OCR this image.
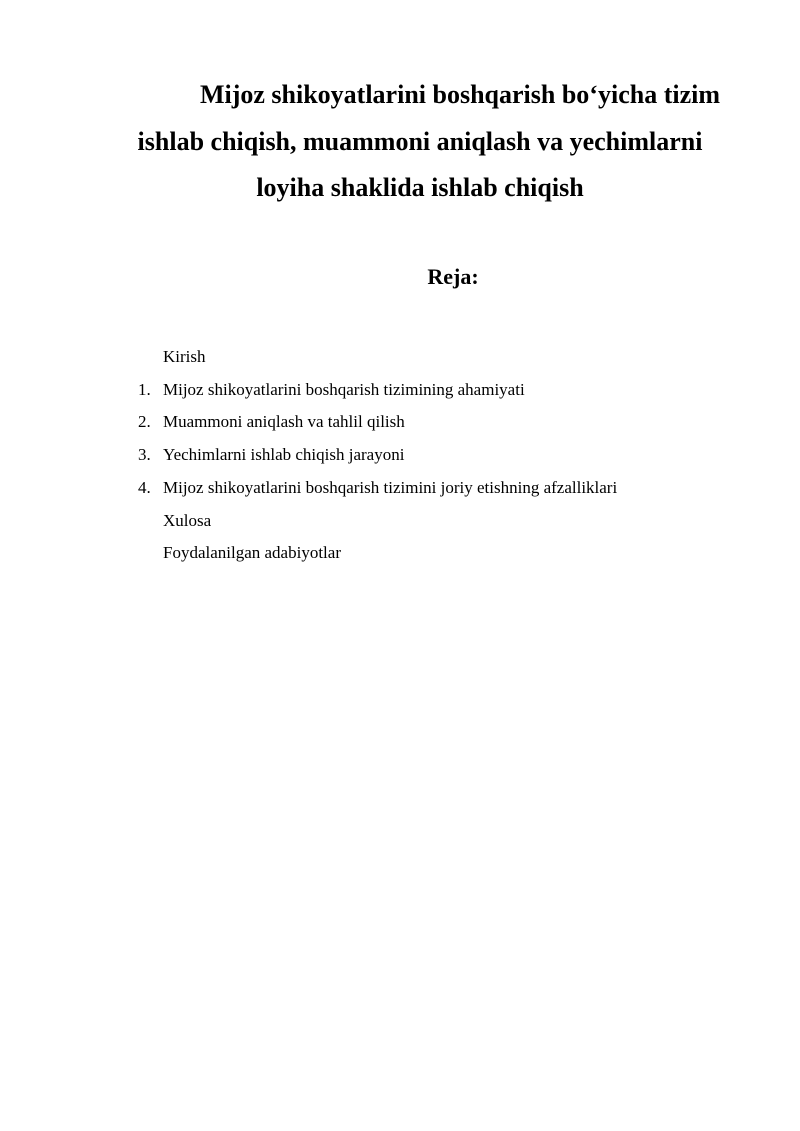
Mijoz shikoyatlarini boshqarish bo‘yicha tizim
ishlab chiqish, muammoni aniqlash va yechimlarni
loyiha shaklida ishlab chiqish
Reja:
Kirish
1. Mijoz shikoyatlarini boshqarish tizimining ahamiyati
2. Muammoni aniqlash va tahlil qilish
3. Yechimlarni ishlab chiqish jarayoni
4. Mijoz shikoyatlarini boshqarish tizimini joriy etishning afzalliklari
Xulosa
Foydalanilgan adabiyotlar
